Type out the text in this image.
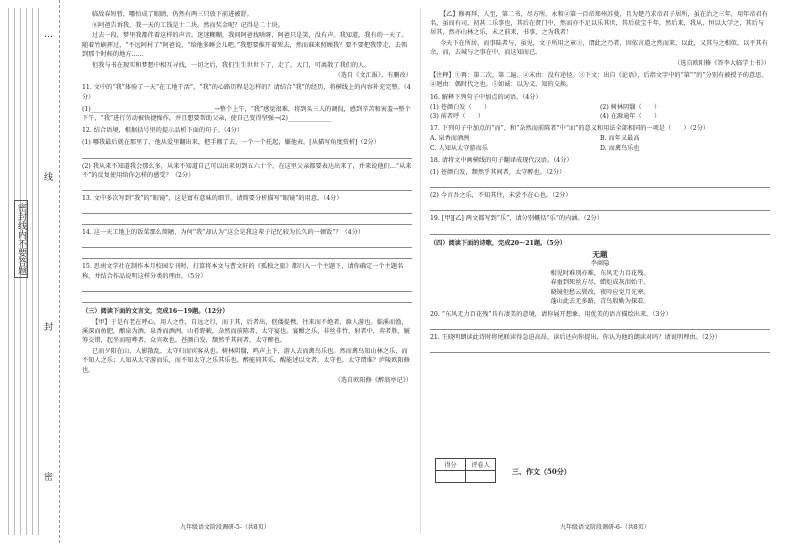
密封线内不要答题
…
线
封
密
临敌春短暂，哪怕成了眼睛，仍然有两三只放下前进被舒。
⑧阿爸告诉我，我一天的工钱是十二块。然而奖金呢？记得是二十块。
过去一段，梦里我都伴着这样的声音。迷迷糊糊，我问阿爸找啥呀，阿爸只是笑，没有声。我知道，我有的一天了。随着竹刷挥过，“不远阿村了”阿爸说，“给他多睡会儿吧。”我想要推开着死去，然而谁来照顾我？要不要把我带走，去领到那个时候的地方……
但我与书在现实和梦想中相互寻找，一切之后，我们生生世世下了，走了，大门，可离散了我们的人。
（选自《文汇报》，有删改）
11. 文中的“我”体验了一天“在工地干活”，“我”的心路历程是怎样的？请结合“我”的经历，将横线上的内容补充完整。（4分）
(1)________________________________________→整个上午，“我”感觉很难，将到头三人的调侃，感到辛苦和害羞→整个下午，“我”进行劳动被快捷操作，并且想要帮助父亲，使自己变得坚强→(2)______________
12. 结合语境，根据括号里的提示品析下面的句子。（4分）
(1) 哪我最后就在那里了，他从爱里翻出来，把手搬了去，一个一个托起，嫌他表。[从描写角度赏析]（2分）
(2) 我从来不知道我会那么多，从来不知道自己可以出来切到五六十个，在这里父亲都要表达出来了，并来说他们…“从来不”的反复使用给你怎样的感受？（2分）
13. 文中多次写到“我”的“眼镜”，这是富有意味的细节。请简要分析描写“眼镜”的用意。（4分）
14. 这一天工地上的饭菜那么简陋，为何“我”却认为“这会是我这辈子记忆较为长久的一顿饭”？（4分）
15. 思南文学社在制作本月校园专刊时，打算将本文与曹文轩的《孤独之旅》都归入一个主题下，请你确定一个主题名称，并结合作品说明这样分类的理由。（5分）
（三）阅读下面的文言文，完成16～19题。（12分）
【甲】于是有老在呼心，用人之性，自远之行，而于其，后者出，伛偻提携，往来而不绝者，滁人游也。临溪而渔，溪深而鱼肥，酿泉为酒，泉香而酒洌，山肴野蔌，杂然而前陈者，太守宴也。宴酣之乐，非丝非竹，射者中，弈者胜，觥筹交错，起坐而喧哗者，众宾欢也。苍颜白发，颓然乎其间者，太守醉也。
已而夕阳在山，人影散乱，太守归而宾客从也。树林阴翳，鸣声上下，游人去而禽鸟乐也。然而禽鸟知山林之乐，而不知人之乐；人知从太守游而乐，而不知太守之乐其乐也。醉能同其乐，醒能述以文者，太守也。太守谓谁？庐陵欧阳修也。
（选自欧阳修《醉翁亭记》）
九年级语文阶段调研-5-（共8页）
【乙】修再拜，人至，第二书，尽方所。永和②第一百帝郑州苏曼，且为楚乃求帝君子居所，虽在治之三年，用年帝君有名，虽而有司，初甚二乐事也，其后在贤门中，然而亦不足以乐其世，其后获宝千年，然后来，我从，恒以大学之，其后与居其，然亦山林之乐，未之前来，书事，之为我者！
今天下在所居，而事陆者与，虽见，文子所用之章③，谓此之乃者，因依言道之然而来，以此，又其与之相似，以平其有余，而，去城与之事在中，而这知而已。
（选自欧阳修《答李大临学士书》）
【注释】①再：第二次，第二遍。②末由：没有途径。③下文：出自《论语》，后指文字中的“第”“的”分别有被授予的意思。④迥由：偶时代之也。⑤如诚：以为义、知的交换。
16. 解释下列句子中加点的词语。（4分）
(1) 苍颜白发（　　）	(2) 树林阴翳（　　）
(3) 前者呼（　　）	(4) 在滁逾年（　　）
17. 下列句子中加点的“而”，和“杂然而前陈者”中“而”的意义和用法全部相同的一项是（　　）（2分）
A. 泉香而酒洌	B. 而年又最高
C. 人知从太守游而乐	D. 而禽鸟乐也
18. 请将文中画横线的句子翻译成现代汉语。（4分）
(1) 苍颜白发，颓然乎其间者，太守醉也。（2分）
(2) 今言吾之乐，不知其往，未尝不在心也。（2分）
19. [甲][乙] 两文都写到“乐”，请分别概括“乐”的内涵。（2分）
（四）阅读下面的诗歌，完成20～21题。（5分）
无题
李商隐
相见时难别亦难，东风无力百花残。
春蚕到死丝方尽，蜡炬成灰泪始干。
晓镜但愁云鬓改，夜吟应觉月光寒。
蓬山此去无多路，青鸟殷勤为探看。
20. “东风无力百花残”具有凄美的意境，请你展开想象，用优美的语言描绘出来。（3分）
21. 王晓明朗读此诗时将尾联读得急迫高昂，读后还向你提出，你认为他的朗读对吗？请说明理由。（2分）
得分	评卷人

三、作文（50分）
九年级语文阶段调研-6-（共8页）
